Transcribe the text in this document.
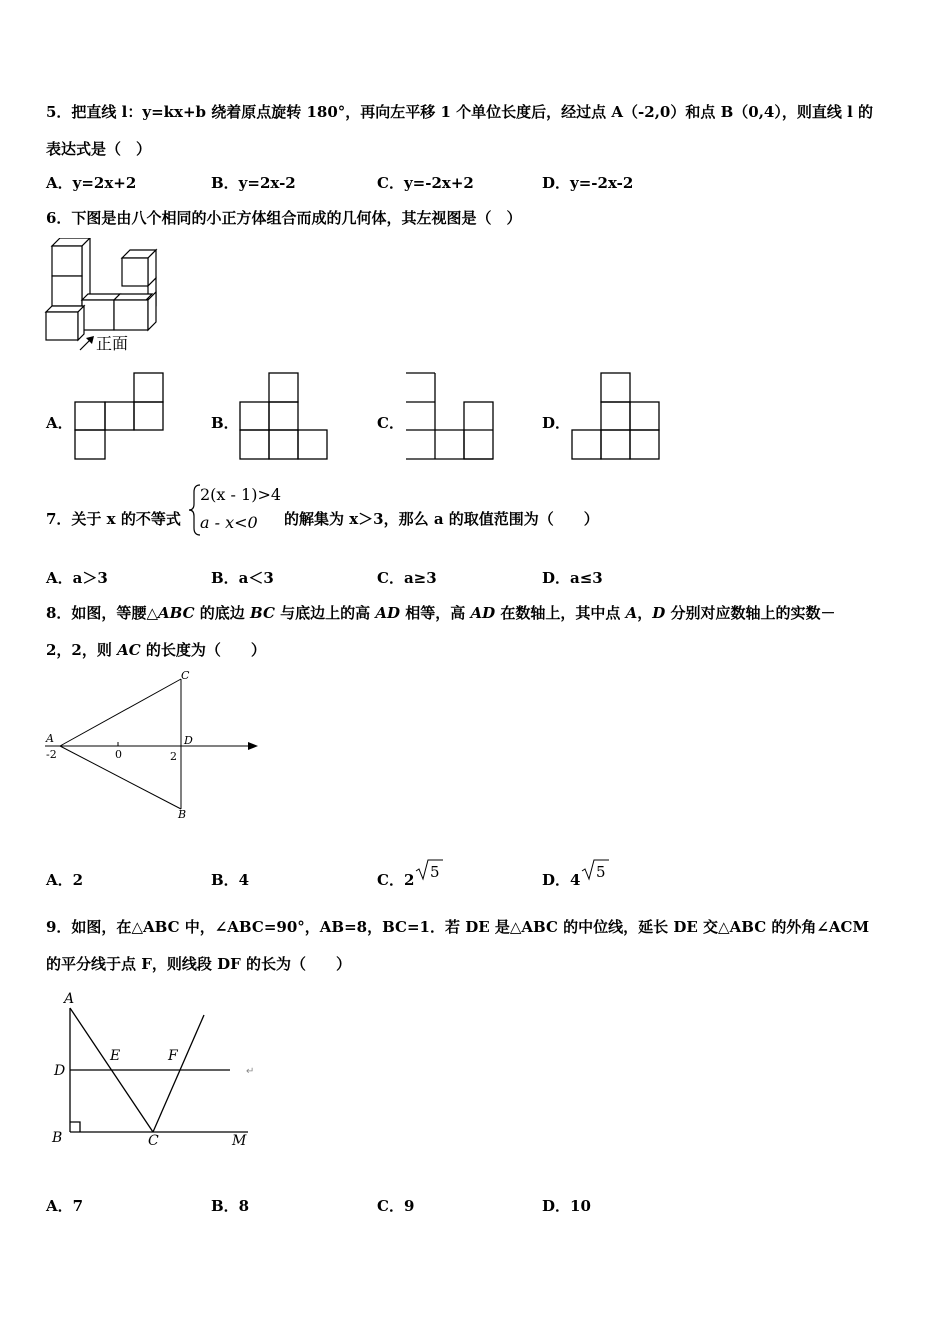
5．把直线 l：y=kx+b 绕着原点旋转 180°，再向左平移 1 个单位长度后，经过点 A（-2,0）和点 B（0,4），则直线 l 的
表达式是（　）
A．y=2x+2	B．y=2x-2	C．y=-2x+2	D．y=-2x-2
6．下图是由八个相同的小正方体组合而成的几何体，其左视图是（　）
正面
A．	B．	C．	D．
7．关于 x 的不等式
2(x - 1)>4
a - x<0 的解集为 x＞3，那么 a 的取值范围为（　　）
A．a＞3	B．a＜3	C．a≥3	D．a≤3
8．如图，等腰△ABC 的底边 BC 与底边上的高 AD 相等，高 AD 在数轴上，其中点 A，D 分别对应数轴上的实数－
2，2，则 AC 的长度为（　　）
A
-2	0	2
D
C
B
A．2	B．4	C．2 5	D．4 5
9．如图，在△ABC 中，∠ABC=90°，AB=8，BC=1．若 DE 是△ABC 的中位线，延长 DE 交△ABC 的外角∠ACM
的平分线于点 F，则线段 DF 的长为（　　）
A
D
E	F
B	C	M
↵
A．7	B．8	C．9	D．10
